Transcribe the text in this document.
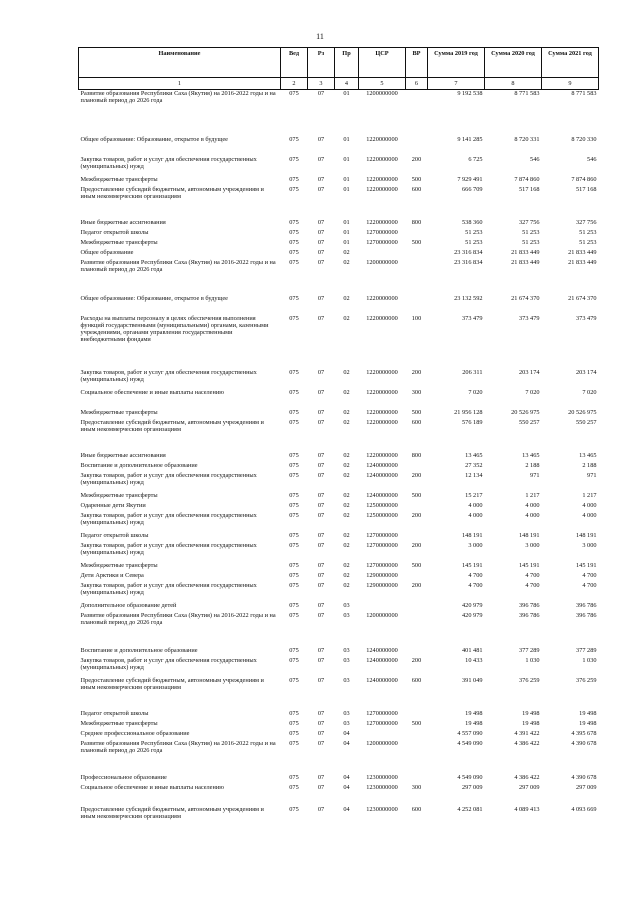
11
Наименование	Вед	Рз	Пр	ЦСР	ВР	Сумма 2019 год	Сумма 2020 год	Сумма 2021 год
1	2	3	4	5	6	7	8	9
Развитие образования Республики Саха (Якутия) на 2016-2022 годы и на плановый период до 2026 года	075	07	01	1200000000		9 192 538	8 771 583	8 771 583
Общее образование: Образование, открытое в будущее	075	07	01	1220000000		9 141 285	8 720 331	8 720 330
Закупка товаров, работ и услуг для обеспечения государственных (муниципальных) нужд	075	07	01	1220000000	200	6 725	546	546
Межбюджетные трансферты	075	07	01	1220000000	500	7 929 491	7 874 860	7 874 860
Предоставление субсидий бюджетным, автономным учреждениям и иным некоммерческим организациям	075	07	01	1220000000	600	666 709	517 168	517 168
Иные бюджетные ассигнования	075	07	01	1220000000	800	538 360	327 756	327 756
Педагог открытой школы	075	07	01	1270000000		51 253	51 253	51 253
Межбюджетные трансферты	075	07	01	1270000000	500	51 253	51 253	51 253
Общее образование	075	07	02			23 316 834	21 833 449	21 833 449
Развитие образования Республики Саха (Якутия) на 2016-2022 годы и на плановый период до 2026 года	075	07	02	1200000000		23 316 834	21 833 449	21 833 449
Общее образование: Образование, открытое в будущее	075	07	02	1220000000		23 132 592	21 674 370	21 674 370
Расходы на выплаты персоналу в целях обеспечения выполнения функций государственными (муниципальными) органами, казенными учреждениями, органами управления государственными внебюджетными фондами	075	07	02	1220000000	100	373 479	373 479	373 479
Закупка товаров, работ и услуг для обеспечения государственных (муниципальных) нужд	075	07	02	1220000000	200	206 311	203 174	203 174
Социальное обеспечение и иные выплаты населению	075	07	02	1220000000	300	7 020	7 020	7 020
Межбюджетные трансферты	075	07	02	1220000000	500	21 956 128	20 526 975	20 526 975
Предоставление субсидий бюджетным, автономным учреждениям и иным некоммерческим организациям	075	07	02	1220000000	600	576 189	550 257	550 257
Иные бюджетные ассигнования	075	07	02	1220000000	800	13 465	13 465	13 465
Воспитание и дополнительное образование	075	07	02	1240000000		27 352	2 188	2 188
Закупка товаров, работ и услуг для обеспечения государственных (муниципальных) нужд	075	07	02	1240000000	200	12 134	971	971
Межбюджетные трансферты	075	07	02	1240000000	500	15 217	1 217	1 217
Одаренные дети Якутии	075	07	02	1250000000		4 000	4 000	4 000
Закупка товаров, работ и услуг для обеспечения государственных (муниципальных) нужд	075	07	02	1250000000	200	4 000	4 000	4 000
Педагог открытой школы	075	07	02	1270000000		148 191	148 191	148 191
Закупка товаров, работ и услуг для обеспечения государственных (муниципальных) нужд	075	07	02	1270000000	200	3 000	3 000	3 000
Межбюджетные трансферты	075	07	02	1270000000	500	145 191	145 191	145 191
Дети Арктики и Севера	075	07	02	1290000000		4 700	4 700	4 700
Закупка товаров, работ и услуг для обеспечения государственных (муниципальных) нужд	075	07	02	1290000000	200	4 700	4 700	4 700
Дополнительное образование детей	075	07	03			420 979	396 786	396 786
Развитие образования Республики Саха (Якутия) на 2016-2022 годы и на плановый период до 2026 года	075	07	03	1200000000		420 979	396 786	396 786
Воспитание и дополнительное образование	075	07	03	1240000000		401 481	377 289	377 289
Закупка товаров, работ и услуг для обеспечения государственных (муниципальных) нужд	075	07	03	1240000000	200	10 433	1 030	1 030
Предоставление субсидий бюджетным, автономным учреждениям и иным некоммерческим организациям	075	07	03	1240000000	600	391 049	376 259	376 259
Педагог открытой школы	075	07	03	1270000000		19 498	19 498	19 498
Межбюджетные трансферты	075	07	03	1270000000	500	19 498	19 498	19 498
Среднее профессиональное образование	075	07	04			4 557 090	4 391 422	4 395 678
Развитие образования Республики Саха (Якутия) на 2016-2022 годы и на плановый период до 2026 года	075	07	04	1200000000		4 549 090	4 386 422	4 390 678
Профессиональное образование	075	07	04	1230000000		4 549 090	4 386 422	4 390 678
Социальное обеспечение и иные выплаты населению	075	07	04	1230000000	300	297 009	297 009	297 009
Предоставление субсидий бюджетным, автономным учреждениям и иным некоммерческим организациям	075	07	04	1230000000	600	4 252 081	4 089 413	4 093 669
